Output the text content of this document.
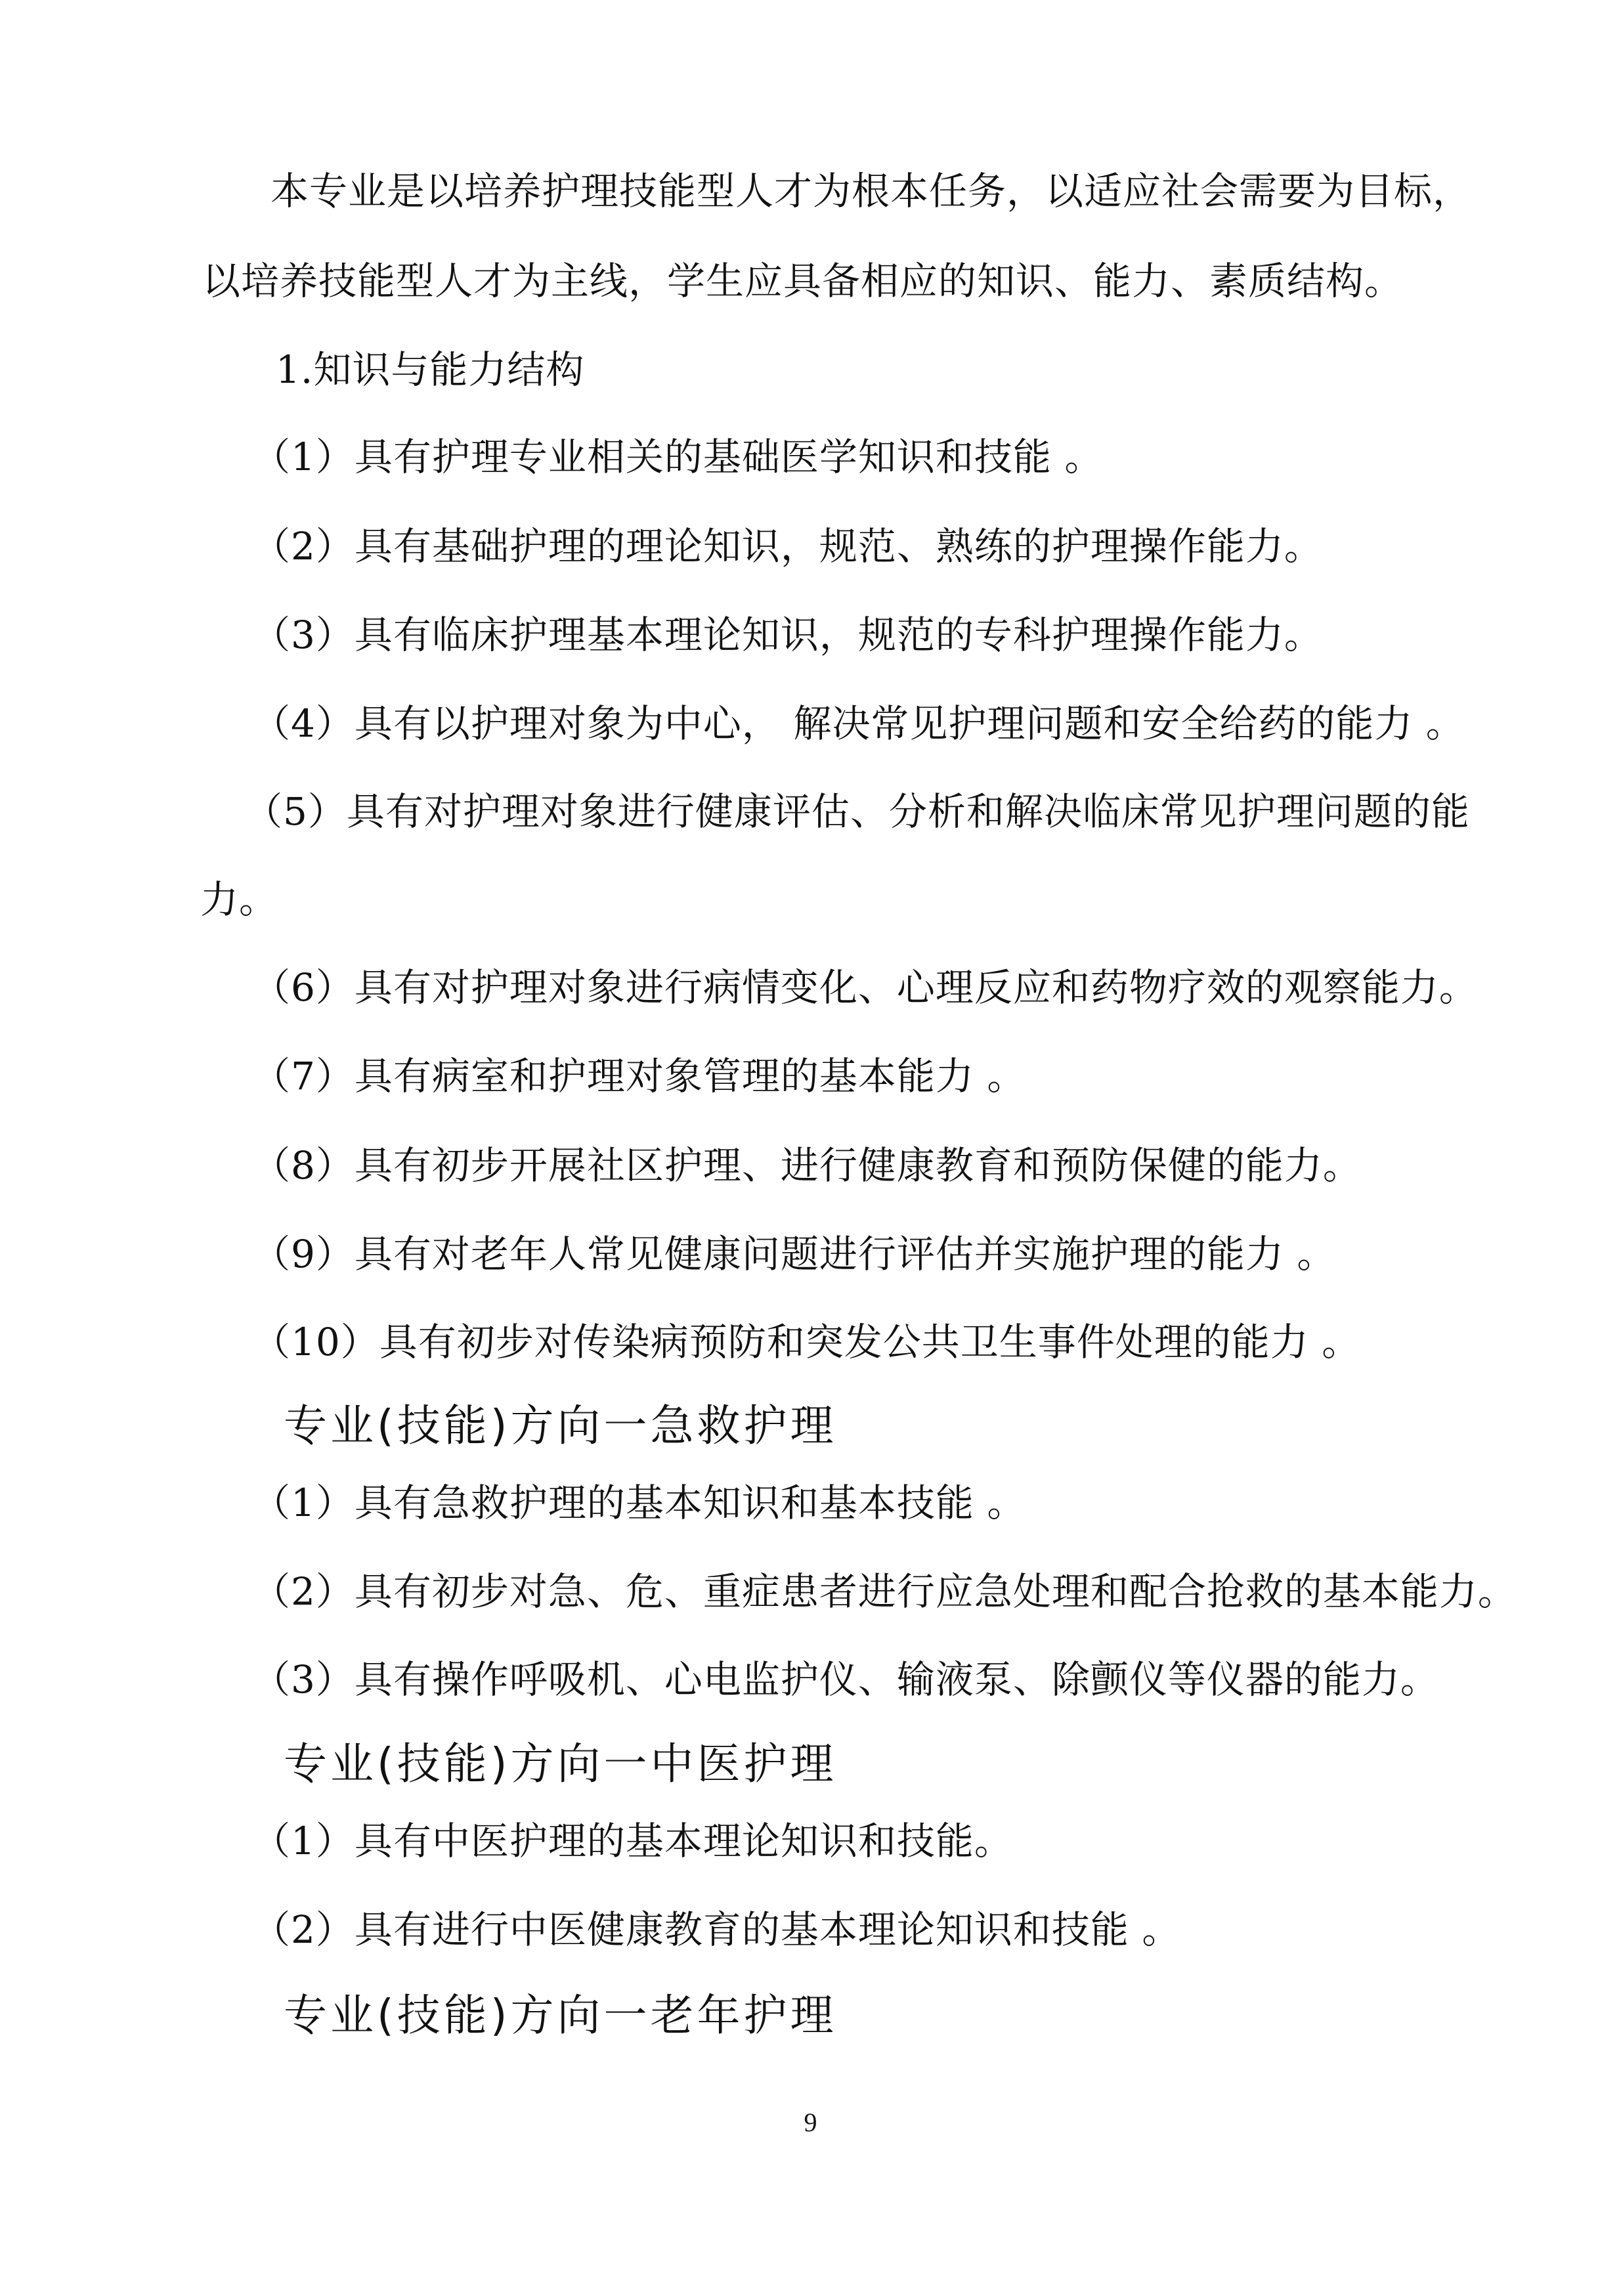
本专业是以培养护理技能型人才为根本任务，以适应社会需要为目标，
以培养技能型人才为主线，学生应具备相应的知识、能力、素质结构。
1.知识与能力结构
（1）具有护理专业相关的基础医学知识和技能 。
（2）具有基础护理的理论知识，规范、熟练的护理操作能力。
（3）具有临床护理基本理论知识，规范的专科护理操作能力。
（4）具有以护理对象为中心， 解决常见护理问题和安全给药的能力 。
（5）具有对护理对象进行健康评估、分析和解决临床常见护理问题的能
力。
（6）具有对护理对象进行病情变化、心理反应和药物疗效的观察能力。
（7）具有病室和护理对象管理的基本能力 。
（8）具有初步开展社区护理、进行健康教育和预防保健的能力。
（9）具有对老年人常见健康问题进行评估并实施护理的能力 。
（10）具有初步对传染病预防和突发公共卫生事件处理的能力 。
专业(技能)方向一急救护理
（1）具有急救护理的基本知识和基本技能 。
（2）具有初步对急、危、重症患者进行应急处理和配合抢救的基本能力。
（3）具有操作呼吸机、心电监护仪、输液泵、除颤仪等仪器的能力。
专业(技能)方向一中医护理
（1）具有中医护理的基本理论知识和技能。
（2）具有进行中医健康教育的基本理论知识和技能 。
专业(技能)方向一老年护理
9
